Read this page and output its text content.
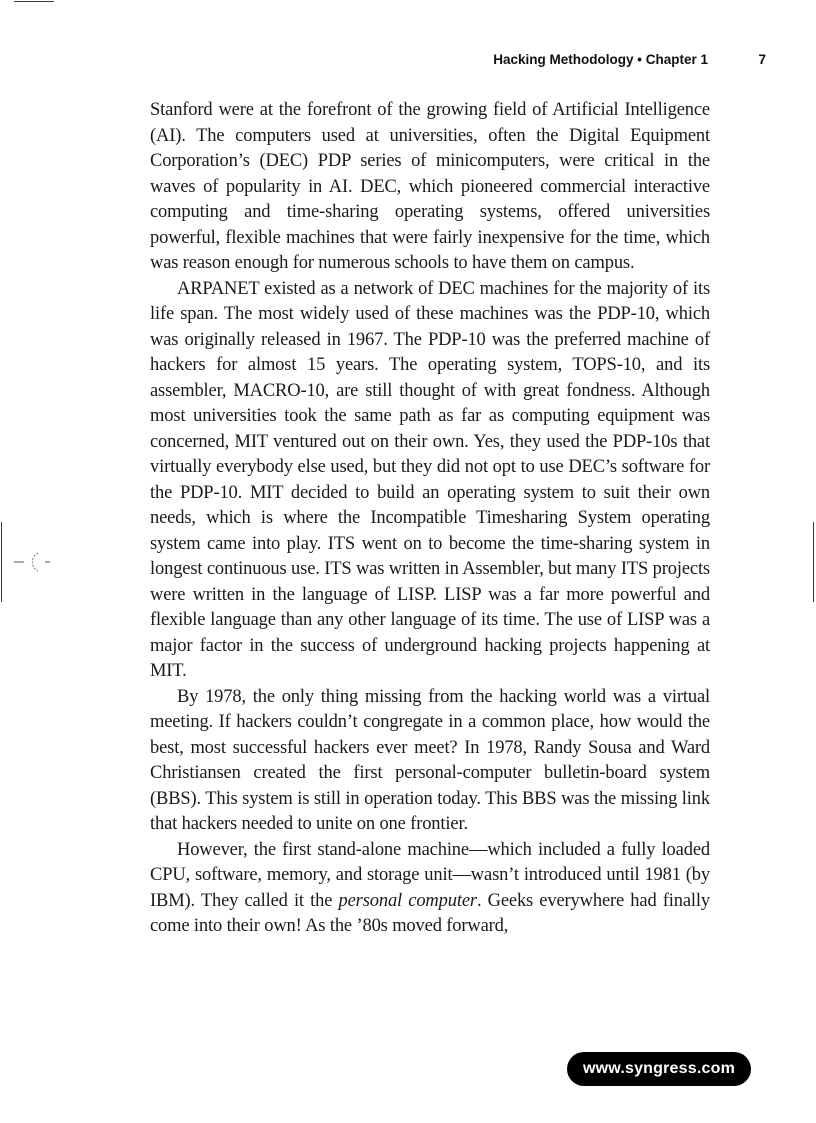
Hacking Methodology • Chapter 1	7

Stanford were at the forefront of the growing field of Artificial Intelligence (AI). The computers used at universities, often the Digital Equipment Corporation’s (DEC) PDP series of minicomputers, were critical in the waves of popularity in AI. DEC, which pioneered commercial interactive computing and time-sharing operating systems, offered universities powerful, flexible machines that were fairly inexpensive for the time, which was reason enough for numerous schools to have them on campus.

ARPANET existed as a network of DEC machines for the majority of its life span. The most widely used of these machines was the PDP-10, which was originally released in 1967. The PDP-10 was the preferred machine of hackers for almost 15 years. The operating system, TOPS-10, and its assembler, MACRO-10, are still thought of with great fondness. Although most universities took the same path as far as computing equipment was concerned, MIT ventured out on their own. Yes, they used the PDP-10s that virtually everybody else used, but they did not opt to use DEC’s software for the PDP-10. MIT decided to build an operating system to suit their own needs, which is where the Incompatible Timesharing System operating system came into play. ITS went on to become the time-sharing system in longest continuous use. ITS was written in Assembler, but many ITS projects were written in the language of LISP. LISP was a far more powerful and flexible language than any other language of its time. The use of LISP was a major factor in the success of underground hacking projects happening at MIT.

By 1978, the only thing missing from the hacking world was a virtual meeting. If hackers couldn’t congregate in a common place, how would the best, most successful hackers ever meet? In 1978, Randy Sousa and Ward Christiansen created the first personal-computer bulletin-board system (BBS). This system is still in operation today. This BBS was the missing link that hackers needed to unite on one frontier.

However, the first stand-alone machine—which included a fully loaded CPU, software, memory, and storage unit—wasn’t introduced until 1981 (by IBM). They called it the personal computer. Geeks everywhere had finally come into their own! As the ’80s moved forward,

www.syngress.com
